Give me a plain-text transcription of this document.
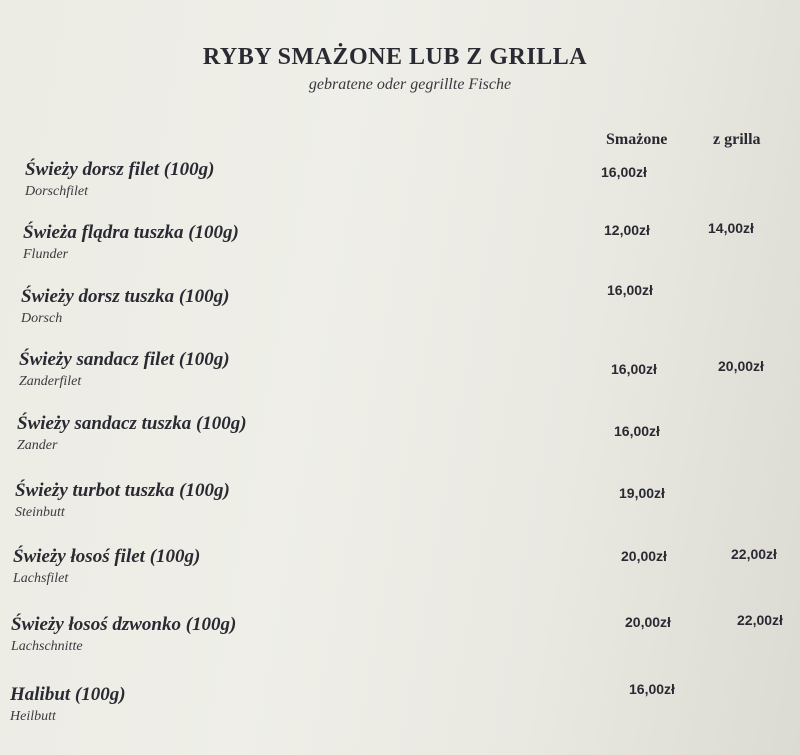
RYBY SMAŻONE LUB Z GRILLA
gebratene oder gegrillte Fische
Smażone	z grilla
Świeży dorsz filet (100g)
Dorschfilet
16,00zł
Świeża flądra tuszka (100g)
Flunder
12,00zł	14,00zł
Świeży dorsz tuszka (100g)
Dorsch
16,00zł
Świeży sandacz filet (100g)
Zanderfilet
16,00zł	20,00zł
Świeży sandacz tuszka (100g)
Zander
16,00zł
Świeży turbot tuszka (100g)
Steinbutt
19,00zł
Świeży łosoś filet (100g)
Lachsfilet
20,00zł	22,00zł
Świeży łosoś dzwonko (100g)
Lachschnitte
20,00zł	22,00zł
Halibut (100g)
Heilbutt
16,00zł
